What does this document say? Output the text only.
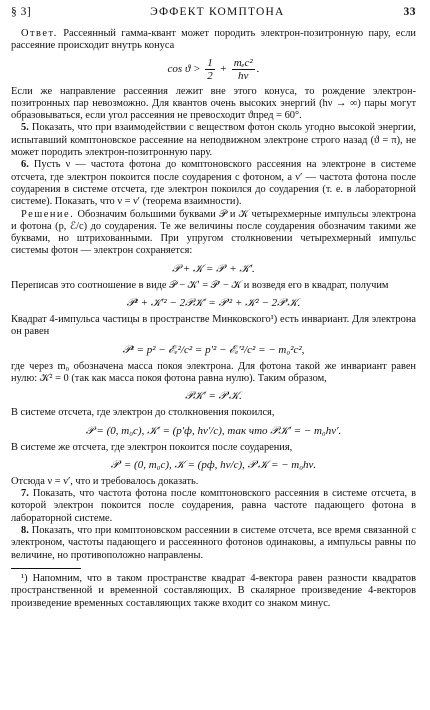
§ 3]	ЭФФЕКТ КОМПТОНА	33

Ответ. Рассеянный гамма-квант может породить электрон-позитронную пару, если рассеяние происходит внутрь конуса

$\cos ϑ > \frac{1}{2} + \frac{\text{mₑc²}}{h\nu}$ .

Если же направление рассеяния лежит вне этого конуса, то рождение электрон-позитронных пар невозможно. Для квантов очень высоких энергий (hν → ∞) пары могут образовываться, если угол рассеяния не превосходит ϑпред = 60°.

5. Показать, что при взаимодействии с веществом фотон сколь угодно высокой энергии, испытавший комптоновское рассеяние на неподвижном электроне строго назад (ϑ = π), не может породить электрон-позитронную пару.

6. Пусть ν — частота фотона до комптоновского рассеяния на электроне в системе отсчета, где электрон покоится после соударения с фотоном, а ν′ — частота фотона после соударения в системе отсчета, где электрон покоился до соударения (т. е. в лабораторной системе). Показать, что ν = ν′ (теорема взаимности).

Решение. Обозначим большими буквами 𝒫 и 𝒦 четырехмерные импульсы электрона и фотона (p, ℰ/c) до соударения. Те же величины после соударения обозначим такими же буквами, но штрихованными. При упругом столкновении четырехмерный импульс системы фотон — электрон сохраняется:

𝒫 + 𝒦 = 𝒫′ + 𝒦′.

Переписав это соотношение в виде 𝒫 − 𝒦′ = 𝒫′ − 𝒦 и возведя его в квадрат, получим

𝒫² + 𝒦′² − 2𝒫𝒦′ = 𝒫′² + 𝒦² − 2𝒫′𝒦.

Квадрат 4-импульса частицы в пространстве Минковского¹) есть инвариант. Для электрона он равен

𝒫² = p² − ℰₑ²/c² = p′² − ℰₑ′²/c² = − m₀²c²,

где через m₀ обозначена масса покоя электрона. Для фотона такой же инвариант равен нулю: 𝒦² = 0 (так как масса покоя фотона равна нулю). Таким образом,

𝒫𝒦′ = 𝒫′𝒦.

В системе отсчета, где электрон до столкновения покоился,

𝒫 = (0, m₀c), 𝒦′ = (p′ф, hν′/c), так что 𝒫𝒦′ = − m₀hν′.

В системе же отсчета, где электрон покоится после соударения,

𝒫′ = (0, m₀c), 𝒦 = (pф, hν/c), 𝒫′𝒦 = − m₀hν.

Отсюда ν = ν′, что и требовалось доказать.

7. Показать, что частота фотона после комптоновского рассеяния в системе отсчета, в которой электрон покоится после соударения, равна частоте падающего фотона в лабораторной системе.

8. Показать, что при комптоновском рассеянии в системе отсчета, все время связанной с электроном, частоты падающего и рассеянного фотонов одинаковы, а импульсы равны по величине, но противоположно направлены.

¹) Напомним, что в таком пространстве квадрат 4-вектора равен разности квадратов пространственной и временной составляющих. В скалярное произведение 4-векторов произведение временных составляющих также входит со знаком минус.
